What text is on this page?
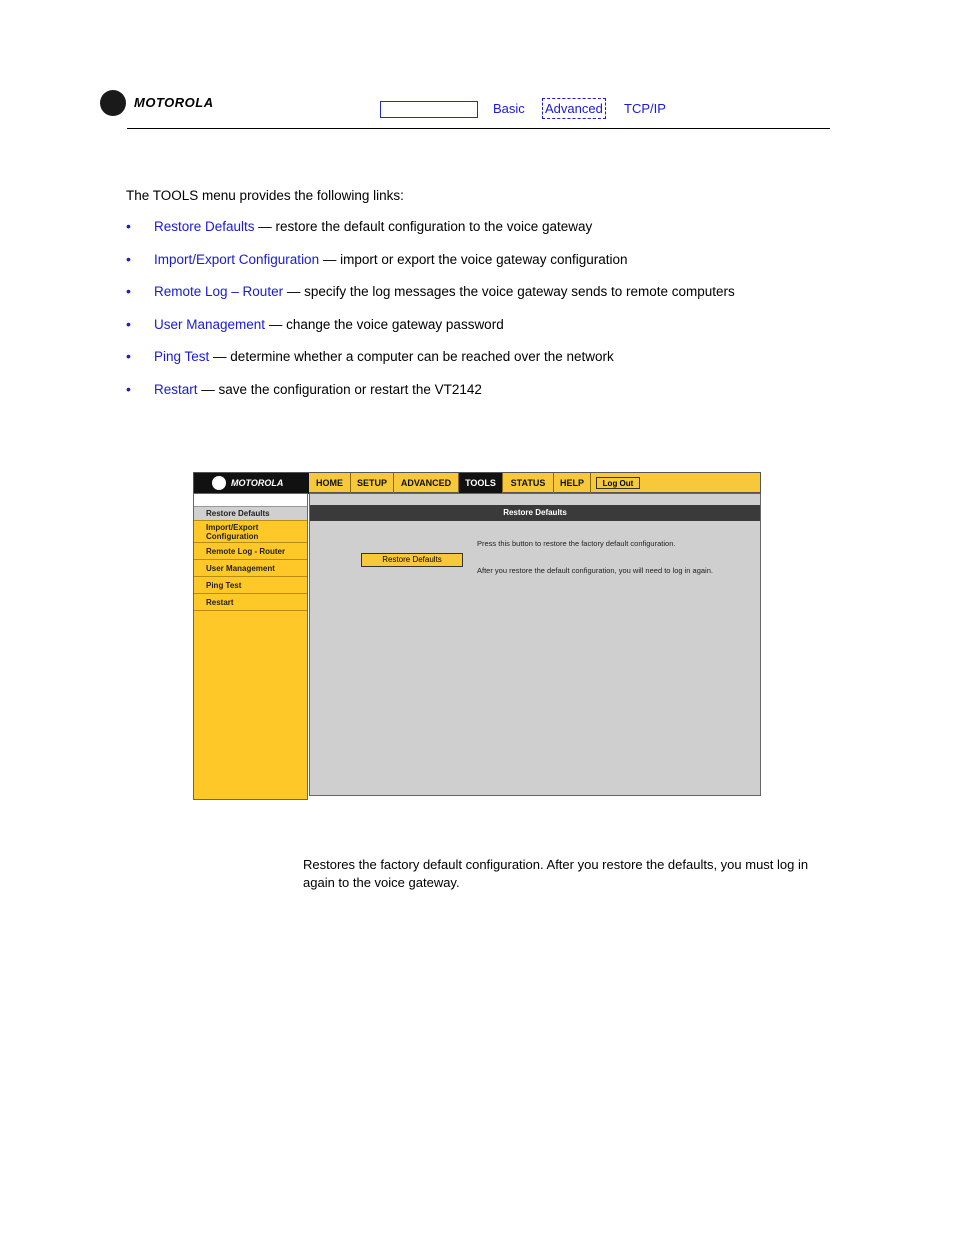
MOTOROLA	Basic Advanced TCP/IP
The TOOLS menu provides the following links:
• Restore Defaults — restore the default configuration to the voice gateway
• Import/Export Configuration — import or export the voice gateway configuration
• Remote Log – Router — specify the log messages the voice gateway sends to remote computers
• User Management — change the voice gateway password
• Ping Test — determine whether a computer can be reached over the network
• Restart — save the configuration or restart the VT2142
MOTOROLA	HOME	SETUP	ADVANCED	TOOLS	STATUS	HELP	Log Out
Restore Defaults
Import/Export Configuration
Remote Log - Router
User Management
Ping Test
Restart
Restore Defaults
Restore Defaults
Press this button to restore the factory default configuration.
After you restore the default configuration, you will need to log in again.
Restores the factory default configuration. After you restore the defaults, you must log in again to the voice gateway.
